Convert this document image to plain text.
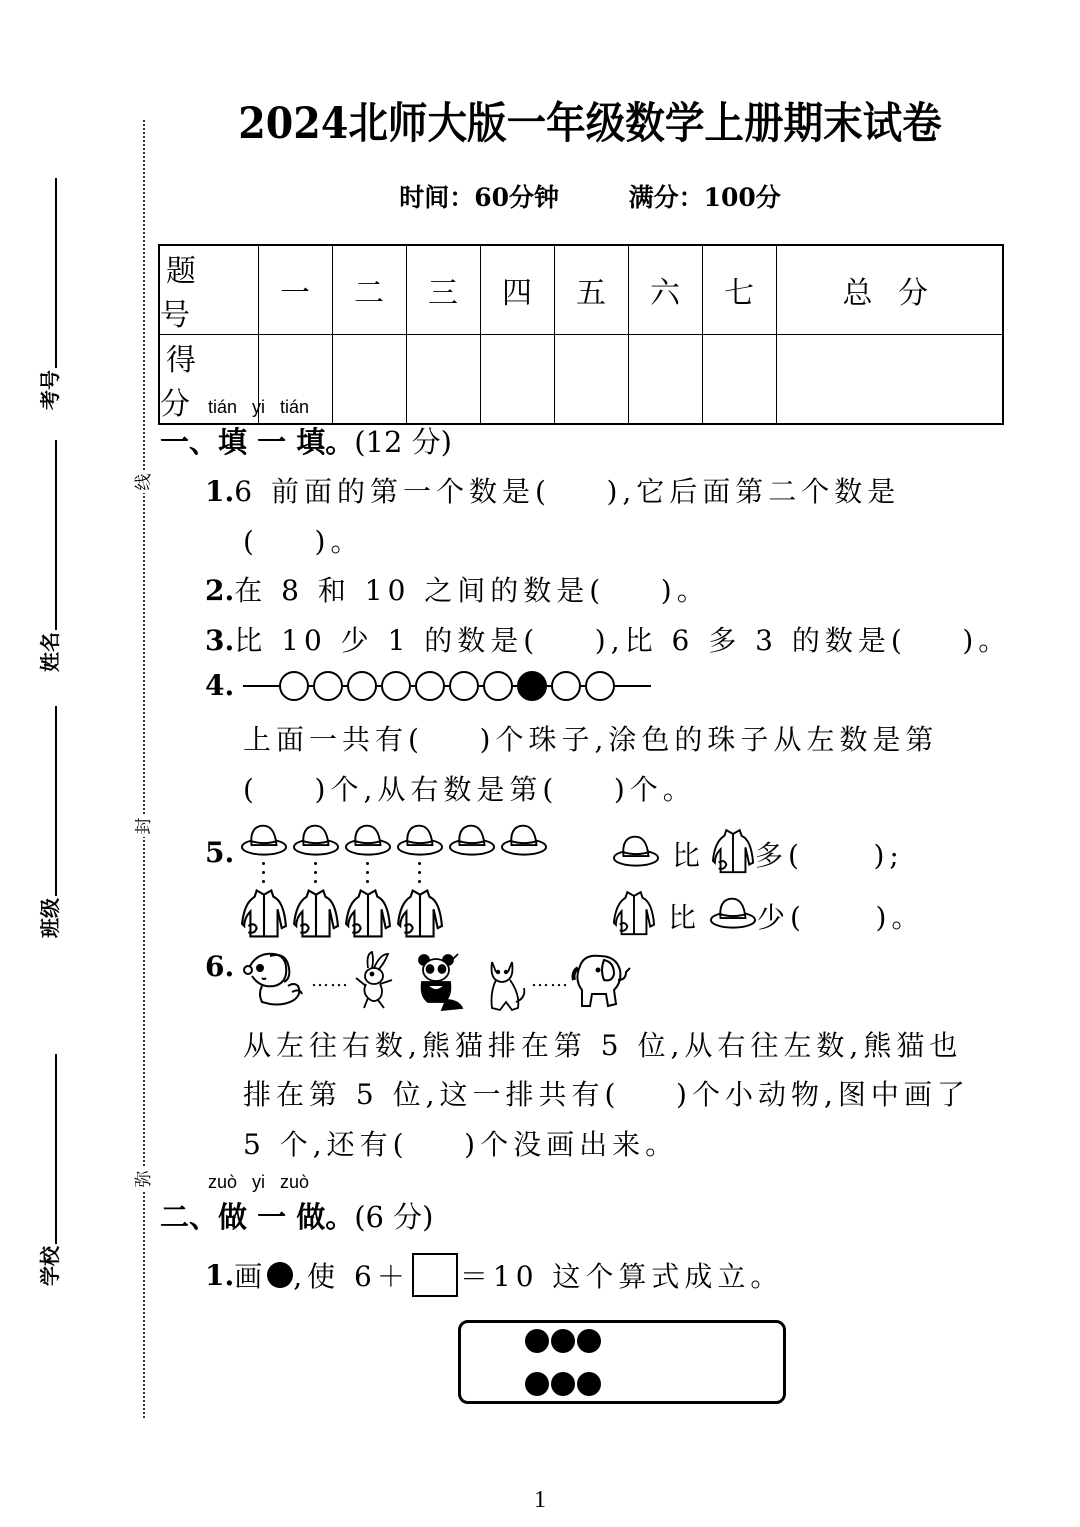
线
封
弥
考号
姓名
班级
学校
2024北师大版一年级数学上册期末试卷
时间：60分钟	满分：100分
题 号	一	二	三	四	五	六	七	总 分
得 分								tián yi tián
一、填 一 填。(12 分)
1.6 前面的第一个数是(    ),它后面第二个数是
(    )。
2.在 8 和 10 之间的数是(    )。
3.比 10 少 1 的数是(    ),比 6 多 3 的数是(    )。
4.
上面一共有(    )个珠子,涂色的珠子从左数是第
(    )个,从右数是第(    )个。
5.	比 多(     );
比 少(     )。
6.	……	……
从左往右数,熊猫排在第 5 位,从右往左数,熊猫也
排在第 5 位,这一排共有(    )个小动物,图中画了
5 个,还有(    )个没画出来。
zuò yi zuò
二、做 一 做。(6 分)
1. 画 ,使 6＋ ＝10 这个算式成立。
1
